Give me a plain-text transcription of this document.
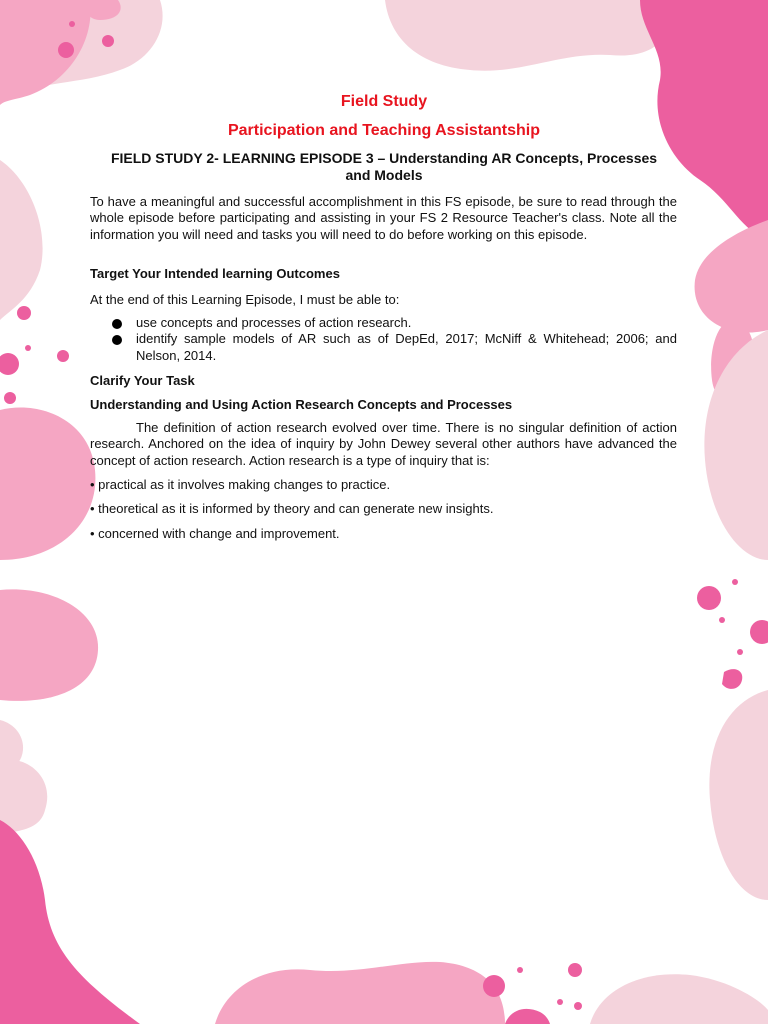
Field Study
Participation and Teaching Assistantship
FIELD STUDY 2- LEARNING EPISODE 3 – Understanding AR Concepts, Processes and Models
To have a meaningful and successful accomplishment in this FS episode, be sure to read through the whole episode before participating and assisting in your FS 2 Resource Teacher's class. Note all the information you will need and tasks you will need to do before working on this episode.
Target Your Intended learning Outcomes
At the end of this Learning Episode, I must be able to:
use concepts and processes of action research.
identify sample models of AR such as of DepEd, 2017; McNiff & Whitehead; 2006; and Nelson, 2014.
Clarify Your Task
Understanding and Using Action Research Concepts and Processes
The definition of action research evolved over time. There is no singular definition of action research. Anchored on the idea of inquiry by John Dewey several other authors have advanced the concept of action research. Action research is a type of inquiry that is:
• practical as it involves making changes to practice.
• theoretical as it is informed by theory and can generate new insights.
• concerned with change and improvement.
